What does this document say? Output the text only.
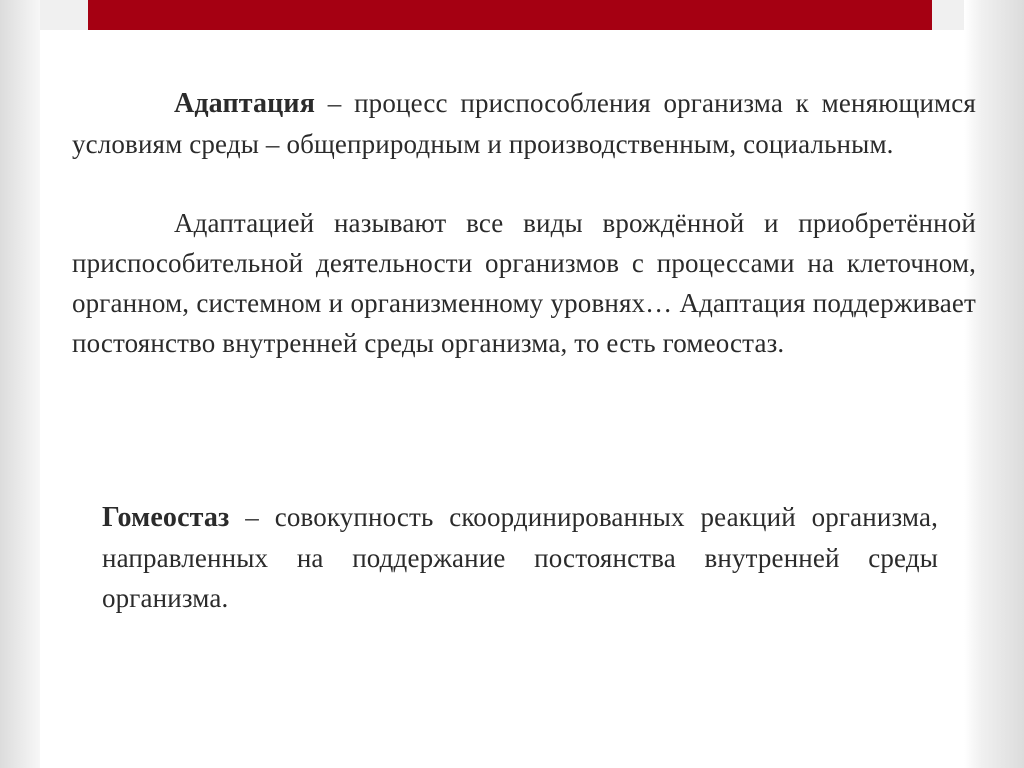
Адаптация – процесс приспособления организма к меняющимся условиям среды – общеприродным и производственным, социальным.

Адаптацией называют все виды врождённой и приобретённой приспособительной деятельности организмов с процессами на клеточном, органном, системном и организменному уровнях… Адаптация поддерживает постоянство внутренней среды организма, то есть гомеостаз.

Гомеостаз – совокупность скоординированных реакций организма, направленных на поддержание постоянства внутренней среды организма.
